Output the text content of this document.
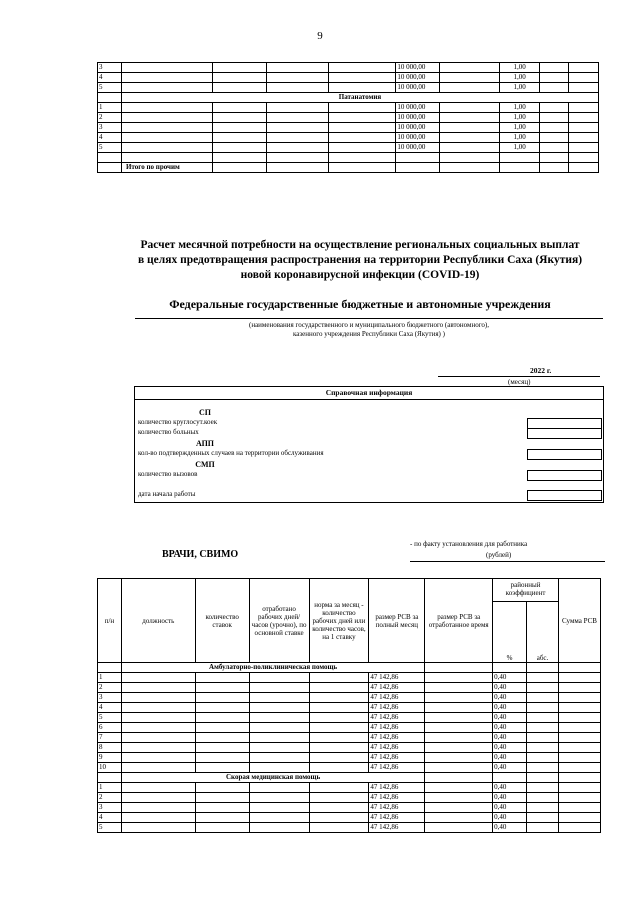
9
3					10 000,00		1,00		
4					10 000,00		1,00		
5					10 000,00		1,00		
	Патанатомия								
1					10 000,00		1,00		
2					10 000,00		1,00		
3					10 000,00		1,00		
4					10 000,00		1,00		
5					10 000,00		1,00		

	Итого по прочим								
Расчет месячной потребности на осуществление региональных социальных выплат
в целях предотвращения распространения на территории Республики Саха (Якутия)
новой коронавирусной инфекции (COVID-19)
Федеральные государственные бюджетные и автономные учреждения
(наименования государственного и муниципального бюджетного (автономного),
казенного учреждения Республики Саха (Якутия) )
2022 г.
(месяц)
Справочная информация
СП
количество круглосут.коек
количество больных
АПП
кол-во подтвержденных случаев на территории обслуживания
СМП
количество вызовов
дата начала работы
ВРАЧИ, СВИМО
- по факту установления для работника
(рублей)
п/н	должность	количество ставок	отработано рабочих дней/ часов (урочно), по основной ставке	норма за месяц - количество рабочих дней или количество часов, на 1 ставку	размер РСВ за полный месяц	размер РСВ за отработанное время	районный коэффициент		Сумма РСВ
							%	абс.	
	Амбулаторно-поликлиническая помощь								
1					47 142,86		0,40		
2					47 142,86		0,40		
3					47 142,86		0,40		
4					47 142,86		0,40		
5					47 142,86		0,40		
6					47 142,86		0,40		
7					47 142,86		0,40		
8					47 142,86		0,40		
9					47 142,86		0,40		
10					47 142,86		0,40		
	Скорая медицинская помощь								
1					47 142,86		0,40		
2					47 142,86		0,40		
3					47 142,86		0,40		
4					47 142,86		0,40		
5					47 142,86		0,40		
